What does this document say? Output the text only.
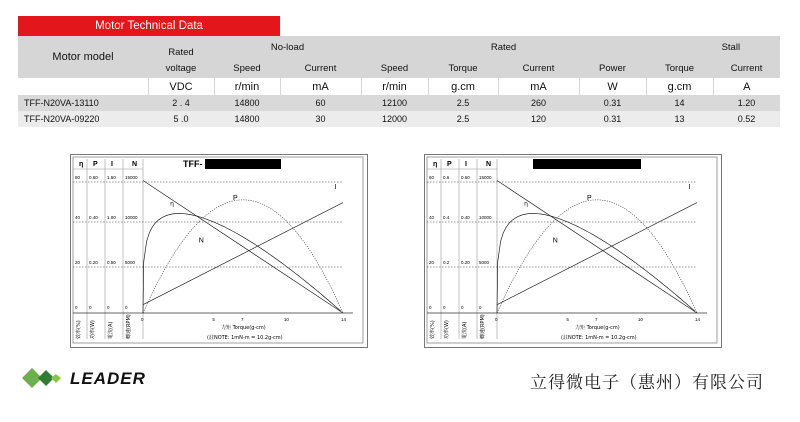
Motor Technical Data
Motor model	Rated	No-load		Rated				Stall	
	voltage	Speed	Current	Speed	Torque	Current	Power	Torque	Current
	VDC	r/min	mA	r/min	g.cm	mA	W	g.cm	A
TFF-N20VA-13110	2 . 4	14800	60	12100	2.5	260	0.31	14	1.20
TFF-N20VA-09220	5 .0	14800	30	12000	2.5	120	0.31	13	0.52
η P I	N
80 0.60 1.50 15000
40 0.40 1.00 10000
20 0.20 0.50 5000
0	0	0	0
效率(%) 功率(W) 電流(A) 轉速(RPM) 0	5	7	10	14
力矩 Torque(g-cm)
(註NOTE: 1mN-m = 10.2g-cm)
η
P
N
I
TFF-	η P I	N
60 0.6	0.60 15000
40 0.4	0.40 10000
20 0.2	0.20 5000
0	0	0	0
效率(%) 功率(W) 電流(A) 轉速(RPM) 0	5	7	10	14
力矩 Torque(g-cm)
(註NOTE: 1mN-m = 10.2g-cm)
η
P
N
I
LEADER	立得微电子（惠州）有限公司
